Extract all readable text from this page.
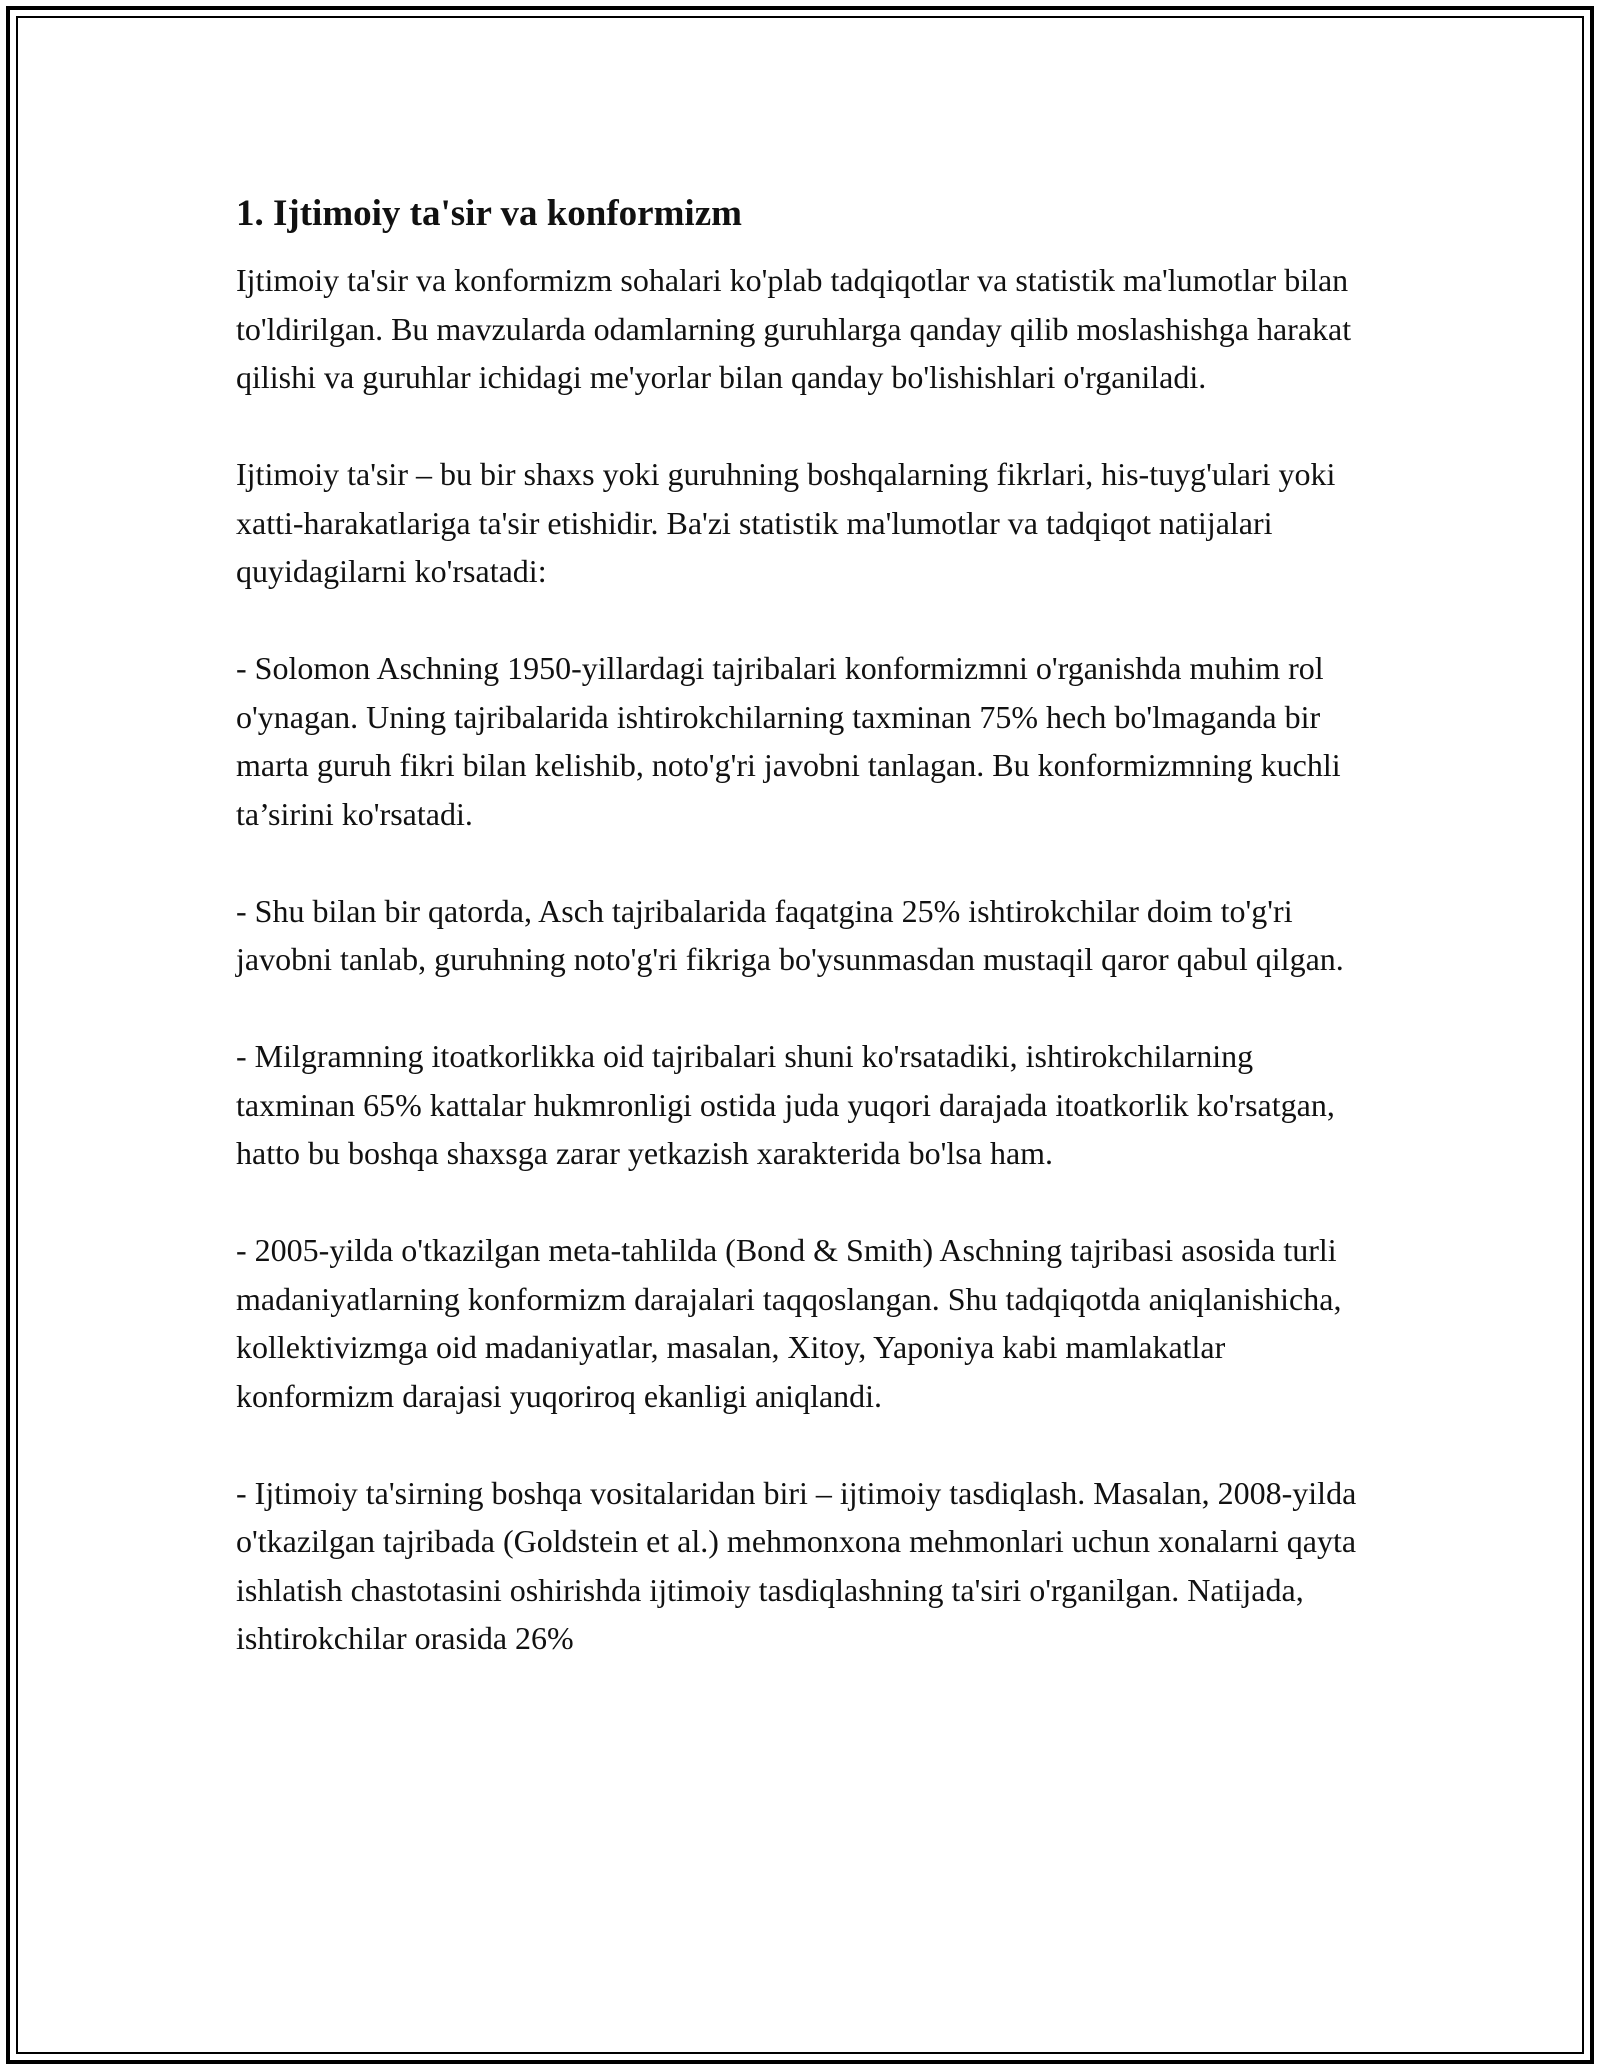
1. Ijtimoiy ta'sir va konformizm

Ijtimoiy ta'sir va konformizm sohalari ko'plab tadqiqotlar va statistik ma'lumotlar bilan to'ldirilgan. Bu mavzularda odamlarning guruhlarga qanday qilib moslashishga harakat qilishi va guruhlar ichidagi me'yorlar bilan qanday bo'lishishlari o'rganiladi.

Ijtimoiy ta'sir – bu bir shaxs yoki guruhning boshqalarning fikrlari, his-tuyg'ulari yoki xatti-harakatlariga ta'sir etishidir. Ba'zi statistik ma'lumotlar va tadqiqot natijalari quyidagilarni ko'rsatadi:

- Solomon Aschning 1950-yillardagi tajribalari konformizmni o'rganishda muhim rol o'ynagan. Uning tajribalarida ishtirokchilarning taxminan 75% hech bo'lmaganda bir marta guruh fikri bilan kelishib, noto'g'ri javobni tanlagan. Bu konformizmning kuchli ta’sirini ko'rsatadi.

- Shu bilan bir qatorda, Asch tajribalarida faqatgina 25% ishtirokchilar doim to'g'ri javobni tanlab, guruhning noto'g'ri fikriga bo'ysunmasdan mustaqil qaror qabul qilgan.

- Milgramning itoatkorlikka oid tajribalari shuni ko'rsatadiki, ishtirokchilarning taxminan 65% kattalar hukmronligi ostida juda yuqori darajada itoatkorlik ko'rsatgan, hatto bu boshqa shaxsga zarar yetkazish xarakterida bo'lsa ham.

- 2005-yilda o'tkazilgan meta-tahlilda (Bond & Smith) Aschning tajribasi asosida turli madaniyatlarning konformizm darajalari taqqoslangan. Shu tadqiqotda aniqlanishicha, kollektivizmga oid madaniyatlar, masalan, Xitoy, Yaponiya kabi mamlakatlar konformizm darajasi yuqoriroq ekanligi aniqlandi.

- Ijtimoiy ta'sirning boshqa vositalaridan biri – ijtimoiy tasdiqlash. Masalan, 2008-yilda o'tkazilgan tajribada (Goldstein et al.) mehmonxona mehmonlari uchun xonalarni qayta ishlatish chastotasini oshirishda ijtimoiy tasdiqlashning ta'siri o'rganilgan. Natijada, ishtirokchilar orasida 26%
